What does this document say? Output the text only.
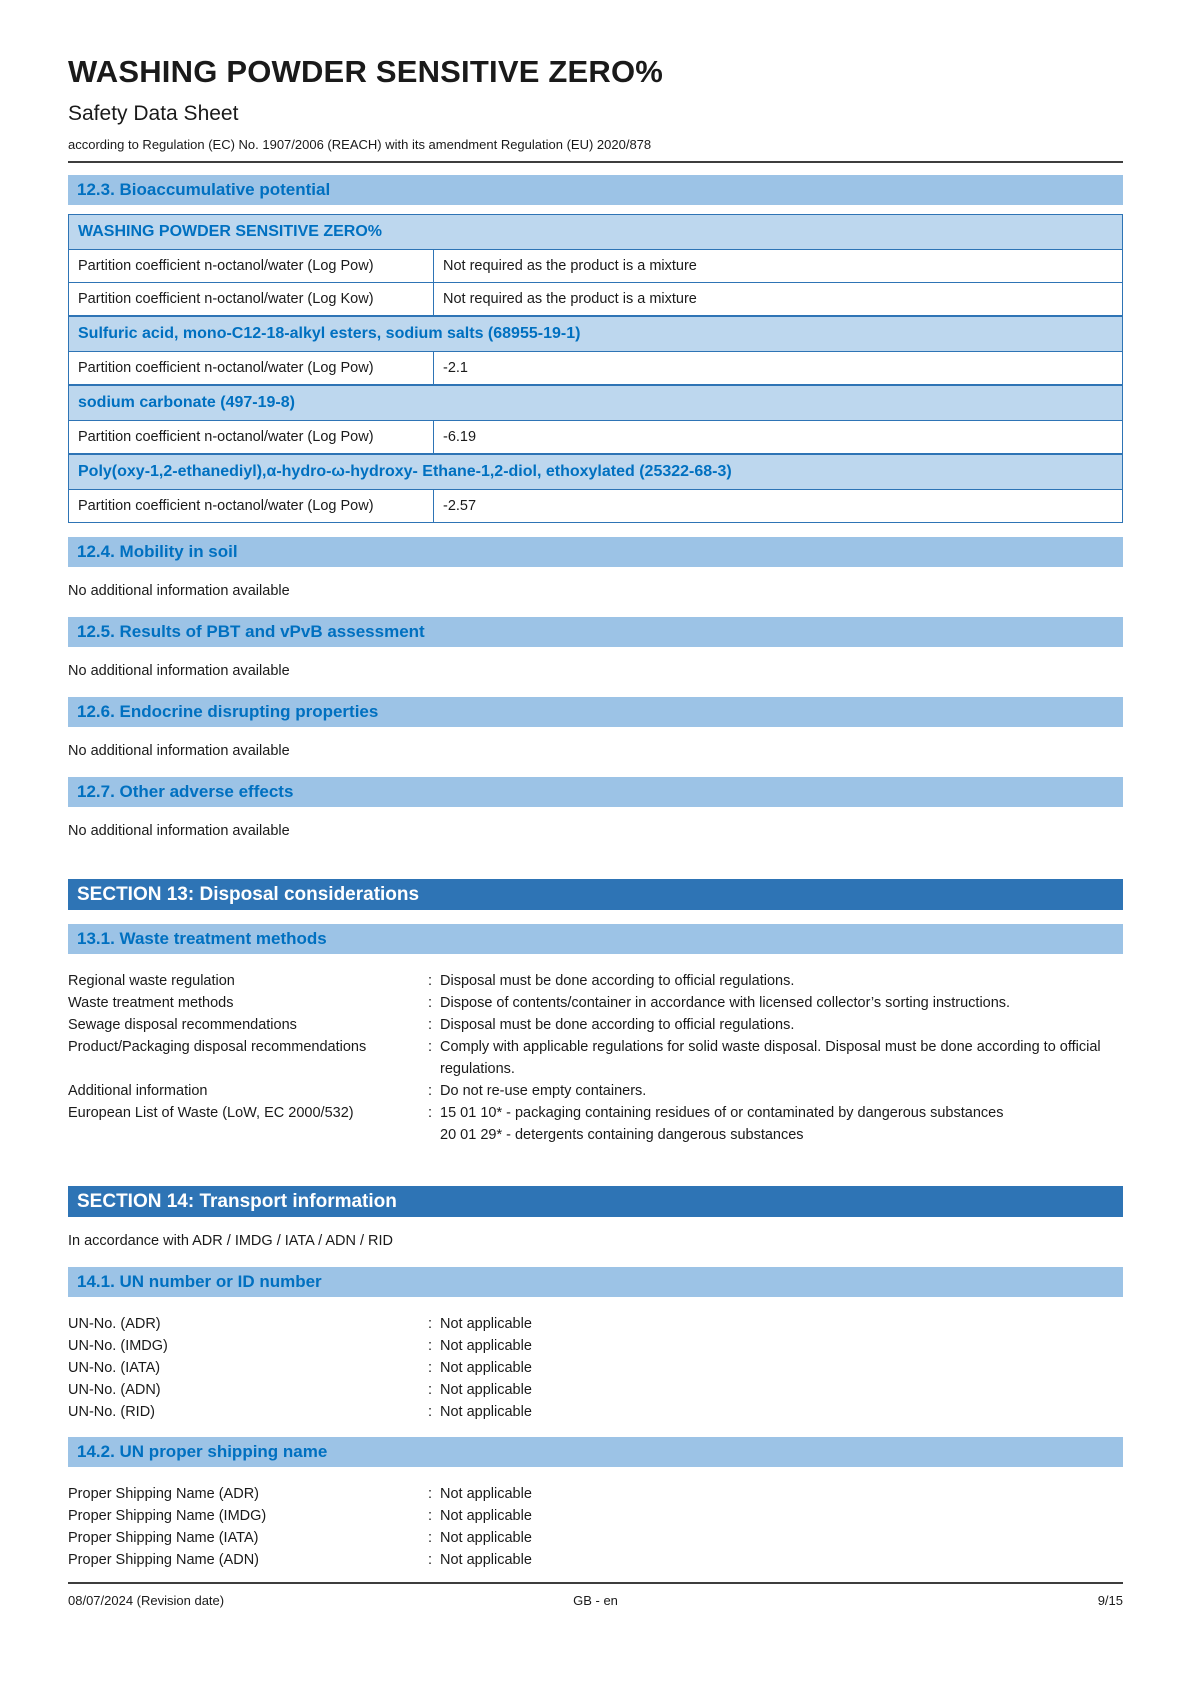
WASHING POWDER SENSITIVE ZERO%
Safety Data Sheet
according to Regulation (EC) No. 1907/2006 (REACH) with its amendment Regulation (EU) 2020/878
12.3. Bioaccumulative potential
WASHING POWDER SENSITIVE ZERO%	
Partition coefficient n-octanol/water (Log Pow)	Not required as the product is a mixture
Partition coefficient n-octanol/water (Log Kow)	Not required as the product is a mixture
Sulfuric acid, mono-C12-18-alkyl esters, sodium salts (68955-19-1)	
Partition coefficient n-octanol/water (Log Pow)	-2.1
sodium carbonate (497-19-8)	
Partition coefficient n-octanol/water (Log Pow)	-6.19
Poly(oxy-1,2-ethanediyl),α-hydro-ω-hydroxy- Ethane-1,2-diol, ethoxylated (25322-68-3)	
Partition coefficient n-octanol/water (Log Pow)	-2.57
12.4. Mobility in soil
No additional information available
12.5. Results of PBT and vPvB assessment
No additional information available
12.6. Endocrine disrupting properties
No additional information available
12.7. Other adverse effects
No additional information available
SECTION 13: Disposal considerations
13.1. Waste treatment methods
Regional waste regulation :	Disposal must be done according to official regulations.
Waste treatment methods :	Dispose of contents/container in accordance with licensed collector’s sorting instructions.
Sewage disposal recommendations :	Disposal must be done according to official regulations.
Product/Packaging disposal recommendations :	Comply with applicable regulations for solid waste disposal. Disposal must be done according to official regulations.
Additional information :	Do not re-use empty containers.
European List of Waste (LoW, EC 2000/532) :	15 01 10* - packaging containing residues of or contaminated by dangerous substances
20 01 29* - detergents containing dangerous substances
SECTION 14: Transport information
In accordance with ADR / IMDG / IATA / ADN / RID
14.1. UN number or ID number
UN-No. (ADR) :	Not applicable
UN-No. (IMDG) :	Not applicable
UN-No. (IATA) :	Not applicable
UN-No. (ADN) :	Not applicable
UN-No. (RID) :	Not applicable
14.2. UN proper shipping name
Proper Shipping Name (ADR) :	Not applicable
Proper Shipping Name (IMDG) :	Not applicable
Proper Shipping Name (IATA) :	Not applicable
Proper Shipping Name (ADN) :	Not applicable
08/07/2024 (Revision date)	GB - en	9/15
